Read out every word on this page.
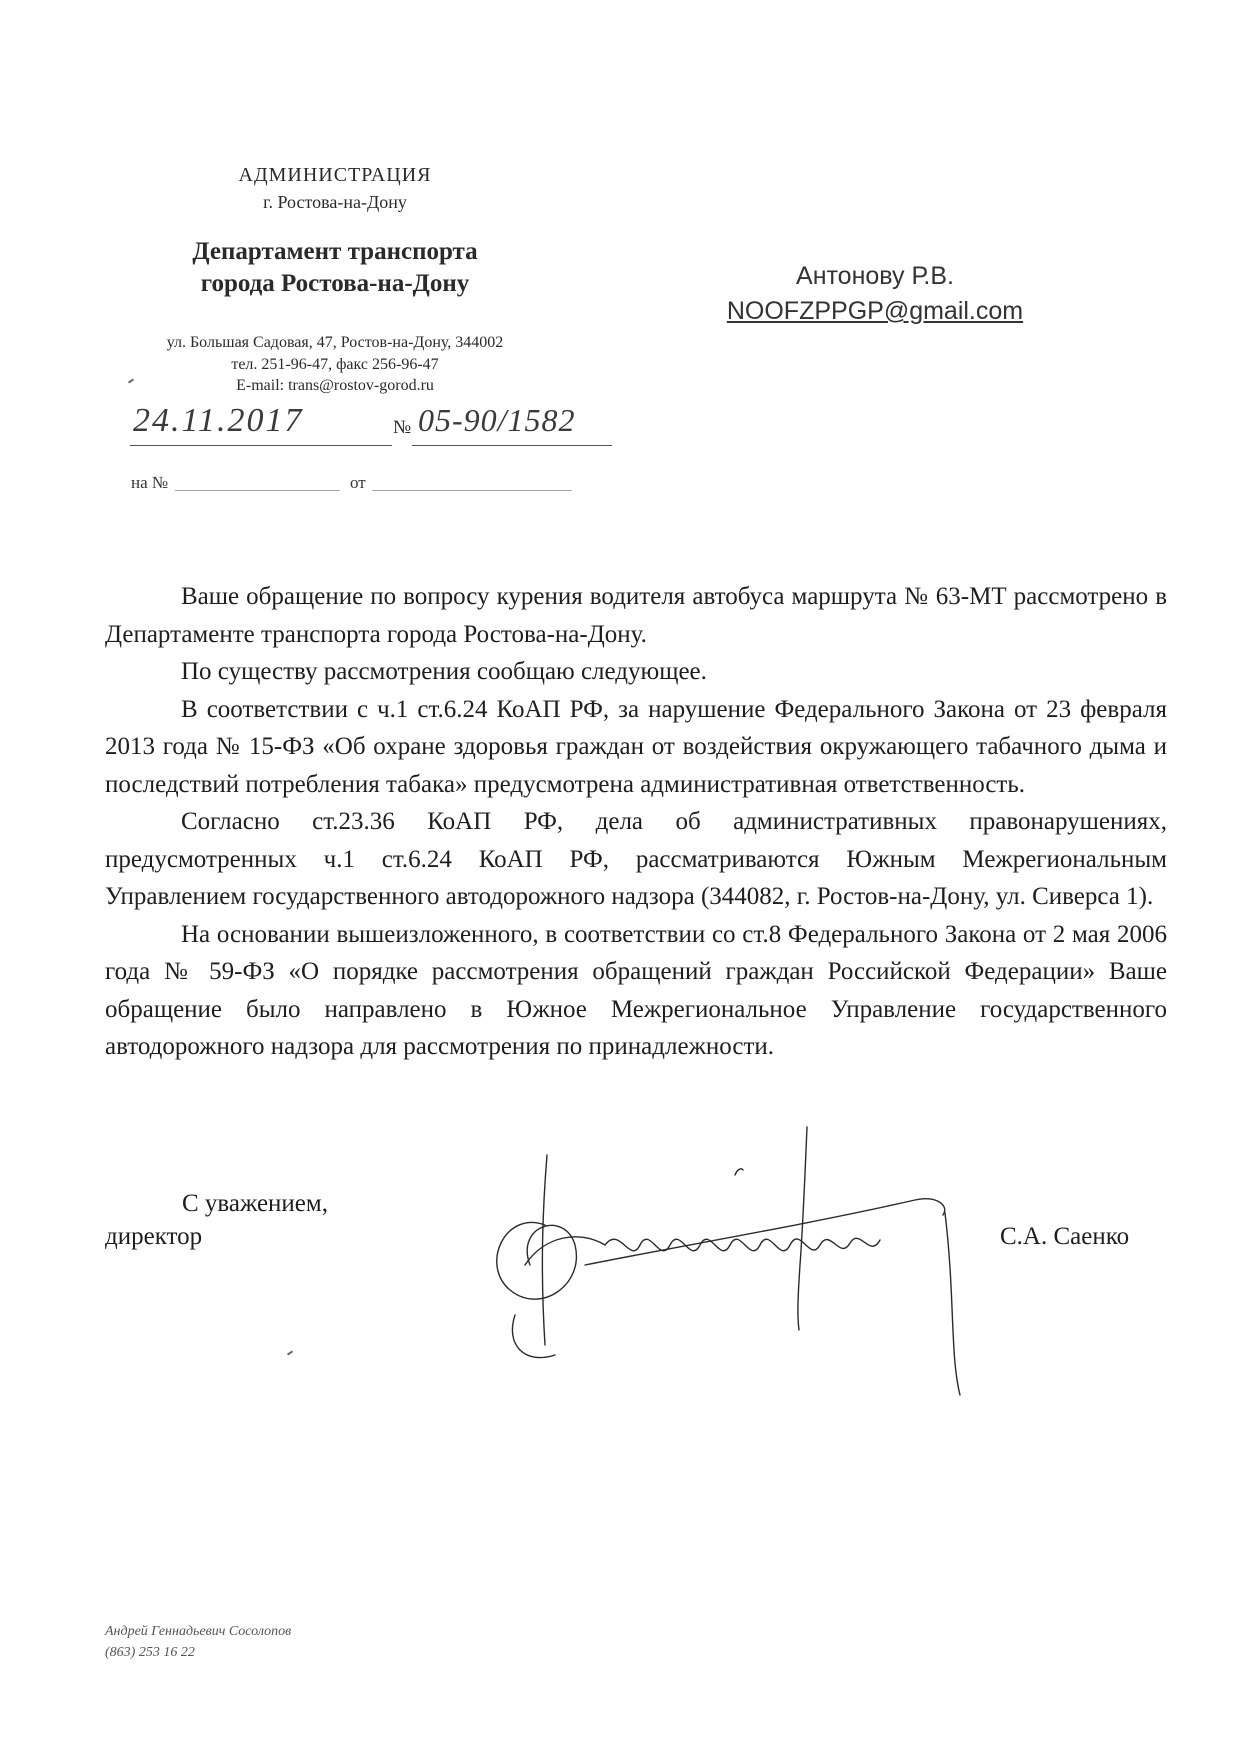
АДМИНИСТРАЦИЯ
г. Ростова-на-Дону
Департамент транспорта
города Ростова-на-Дону
ул. Большая Садовая, 47, Ростов-на-Дону, 344002
тел. 251-96-47, факс 256-96-47
E-mail: trans@rostov-gorod.ru
24.11.2017	№ 05-90/1582
на №	от
Антонову Р.В.
NOOFZPPGP@gmail.com

Ваше обращение по вопросу курения водителя автобуса маршрута № 63-МТ рассмотрено в Департаменте транспорта города Ростова-на-Дону.

По существу рассмотрения сообщаю следующее.

В соответствии с ч.1 ст.6.24 КоАП РФ, за нарушение Федерального Закона от 23 февраля 2013 года № 15-ФЗ «Об охране здоровья граждан от воздействия окружающего табачного дыма и последствий потребления табака» предусмотрена административная ответственность.

Согласно ст.23.36 КоАП РФ, дела об административных правонарушениях, предусмотренных ч.1 ст.6.24 КоАП РФ, рассматриваются Южным Межрегиональным Управлением государственного автодорожного надзора (344082, г. Ростов-на-Дону, ул. Сиверса 1).

На основании вышеизложенного, в соответствии со ст.8 Федерального Закона от 2 мая 2006 года № 59-ФЗ «О порядке рассмотрения обращений граждан Российской Федерации» Ваше обращение было направлено в Южное Межрегиональное Управление государственного автодорожного надзора для рассмотрения по принадлежности.

С уважением,
директор	С.А. Саенко
Андрей Геннадьевич Сосолопов
(863) 253 16 22
